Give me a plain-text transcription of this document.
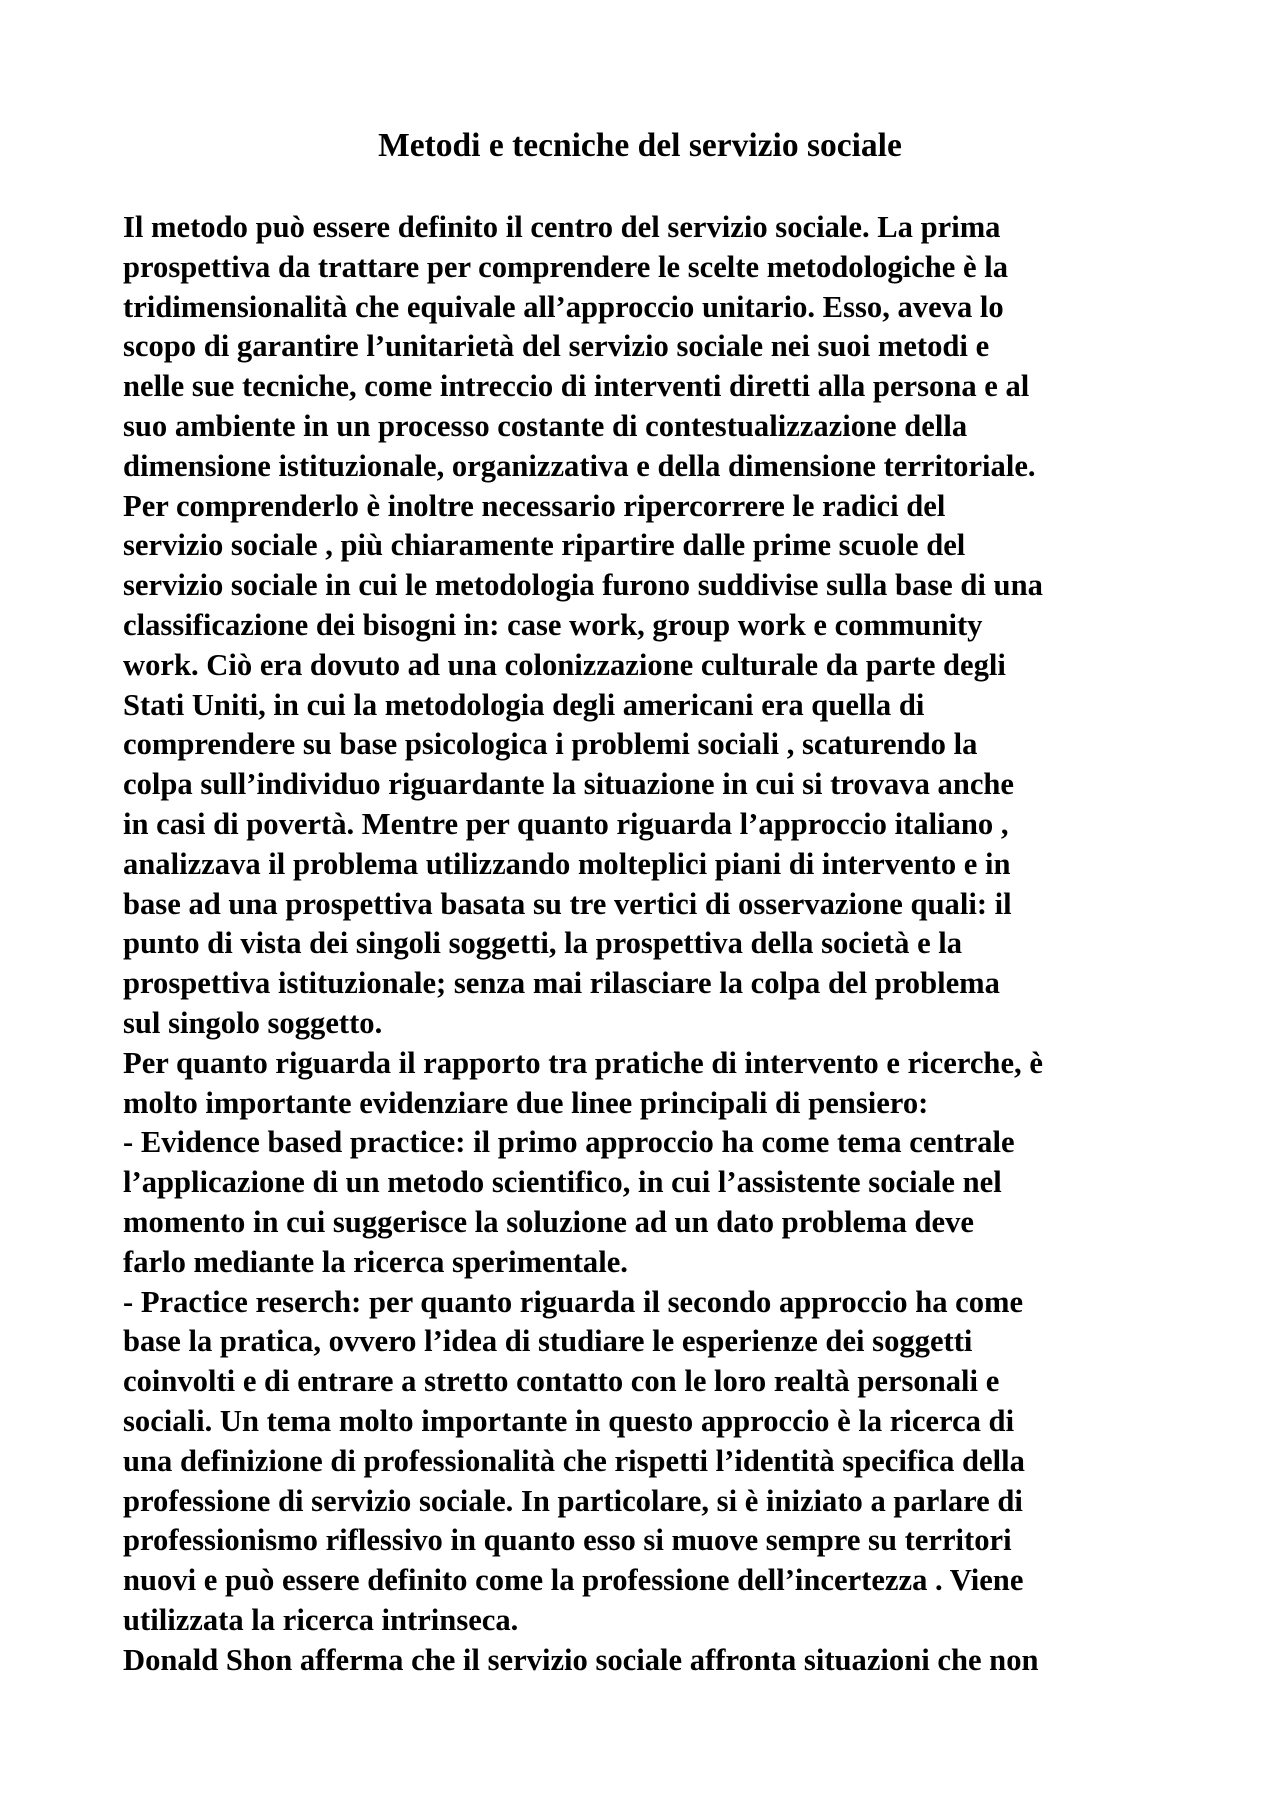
Metodi e tecniche del servizio sociale
Il metodo può essere definito il centro del servizio sociale. La prima
prospettiva da trattare per comprendere le scelte metodologiche è la
tridimensionalità che equivale all’approccio unitario. Esso, aveva lo
scopo di garantire l’unitarietà del servizio sociale nei suoi metodi e
nelle sue tecniche, come intreccio di interventi diretti alla persona e al
suo ambiente in un processo costante di contestualizzazione della
dimensione istituzionale, organizzativa e della dimensione territoriale.
Per comprenderlo è inoltre necessario ripercorrere le radici del
servizio sociale , più chiaramente ripartire dalle prime scuole del
servizio sociale in cui le metodologia furono suddivise sulla base di una
classificazione dei bisogni in: case work, group work e community
work. Ciò era dovuto ad una colonizzazione culturale da parte degli
Stati Uniti, in cui la metodologia degli americani era quella di
comprendere su base psicologica i problemi sociali , scaturendo la
colpa sull’individuo riguardante la situazione in cui si trovava anche
in casi di povertà. Mentre per quanto riguarda l’approccio italiano ,
analizzava il problema utilizzando molteplici piani di intervento e in
base ad una prospettiva basata su tre vertici di osservazione quali: il
punto di vista dei singoli soggetti, la prospettiva della società e la
prospettiva istituzionale; senza mai rilasciare la colpa del problema
sul singolo soggetto.
Per quanto riguarda il rapporto tra pratiche di intervento e ricerche, è
molto importante evidenziare due linee principali di pensiero:
- Evidence based practice: il primo approccio ha come tema centrale
l’applicazione di un metodo scientifico, in cui l’assistente sociale nel
momento in cui suggerisce la soluzione ad un dato problema deve
farlo mediante la ricerca sperimentale.
- Practice reserch: per quanto riguarda il secondo approccio ha come
base la pratica, ovvero l’idea di studiare le esperienze dei soggetti
coinvolti e di entrare a stretto contatto con le loro realtà personali e
sociali. Un tema molto importante in questo approccio è la ricerca di
una definizione di professionalità che rispetti l’identità specifica della
professione di servizio sociale. In particolare, si è iniziato a parlare di
professionismo riflessivo in quanto esso si muove sempre su territori
nuovi e può essere definito come la professione dell’incertezza . Viene
utilizzata la ricerca intrinseca.
Donald Shon afferma che il servizio sociale affronta situazioni che non
